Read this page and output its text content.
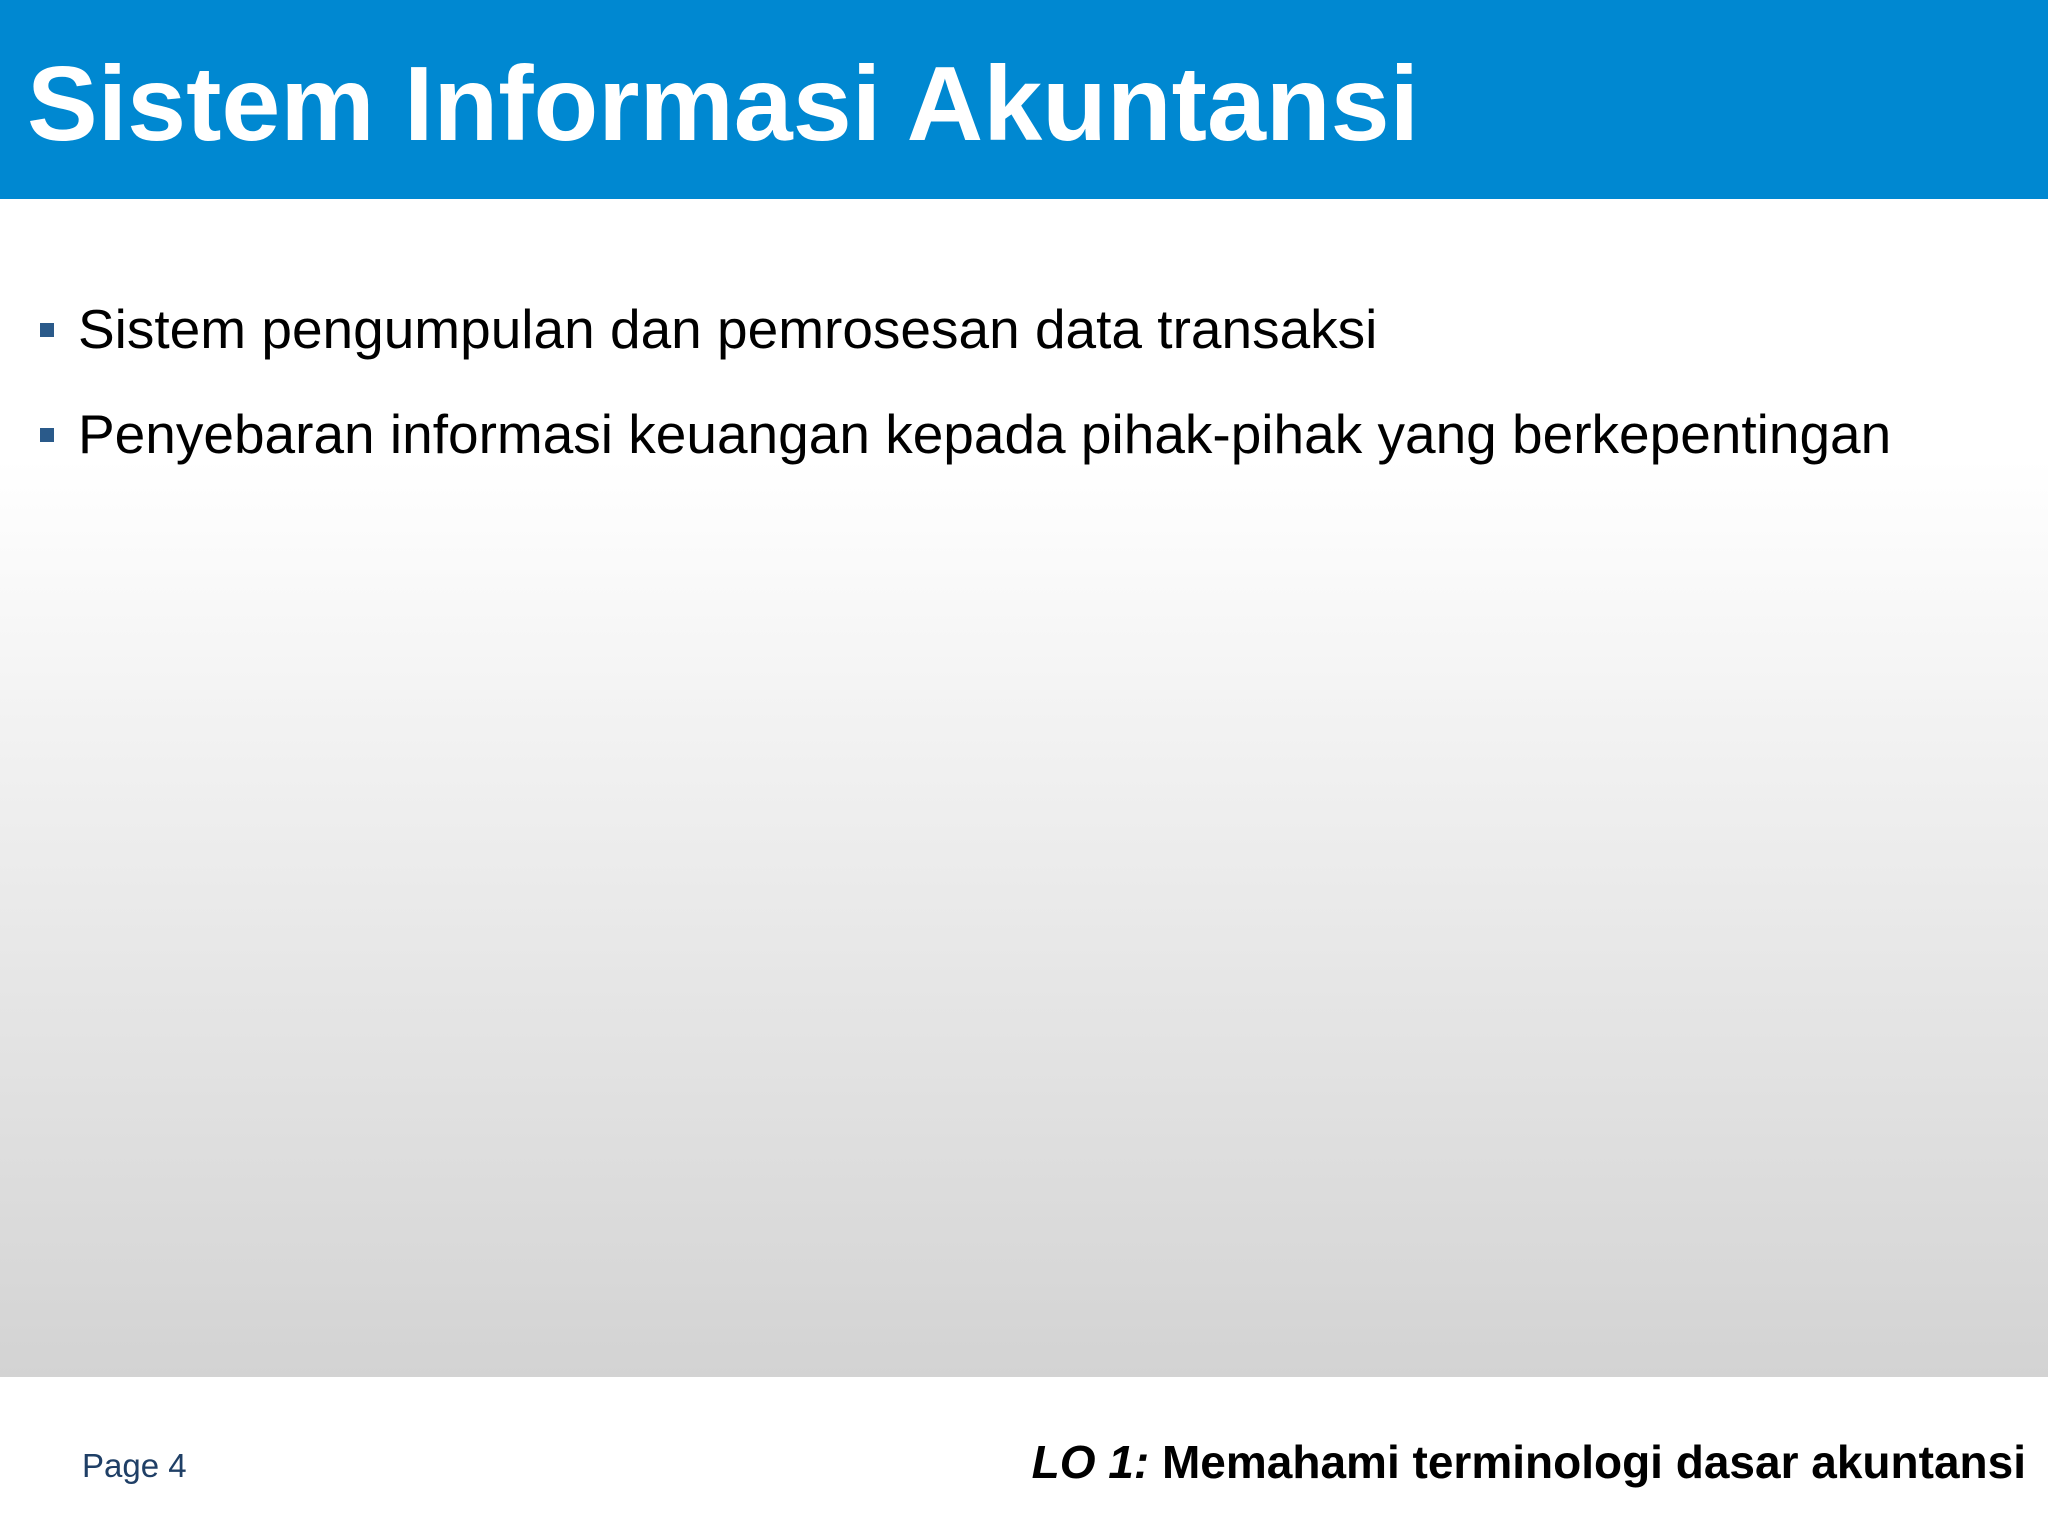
Sistem Informasi Akuntansi
Sistem pengumpulan dan pemrosesan data transaksi
Penyebaran informasi keuangan kepada pihak-pihak yang berkepentingan
Page 4	LO 1: Memahami terminologi dasar akuntansi
